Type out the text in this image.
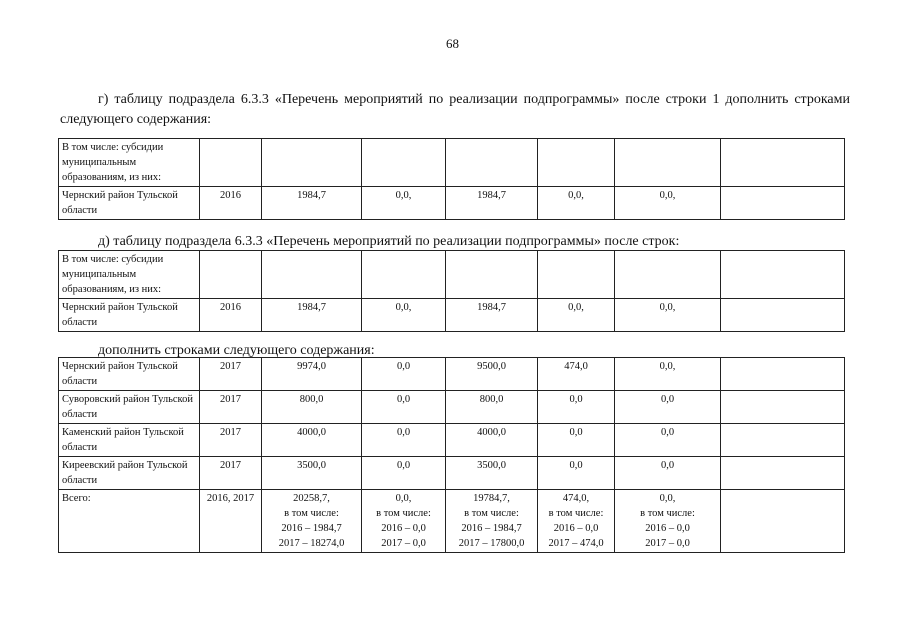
68
г) таблицу подраздела 6.3.3 «Перечень мероприятий по реализации подпрограммы» после строки 1 дополнить строками следующего содержания:
В том числе: субсидии муниципальным образованиям, из них:							
Чернский район Тульской области	2016	1984,7	0,0,	1984,7	0,0,	0,0,	
д) таблицу подраздела 6.3.3 «Перечень мероприятий по реализации подпрограммы» после строк:
В том числе: субсидии муниципальным образованиям, из них:							
Чернский район Тульской области	2016	1984,7	0,0,	1984,7	0,0,	0,0,	
дополнить строками следующего содержания:
Чернский район Тульской области	2017	9974,0	0,0	9500,0	474,0	0,0,	
Суворовский район Тульской области	2017	800,0	0,0	800,0	0,0	0,0	
Каменский район Тульской области	2017	4000,0	0,0	4000,0	0,0	0,0	
Киреевский район Тульской области	2017	3500,0	0,0	3500,0	0,0	0,0	
Всего:	2016, 2017	20258,7,
в том числе:
2016 – 1984,7
2017 – 18274,0	0,0,
в том числе:
2016 – 0,0
2017 – 0,0	19784,7,
в том числе:
2016 – 1984,7
2017 – 17800,0	474,0,
в том числе:
2016 – 0,0
2017 – 474,0	0,0,
в том числе:
2016 – 0,0
2017 – 0,0	
